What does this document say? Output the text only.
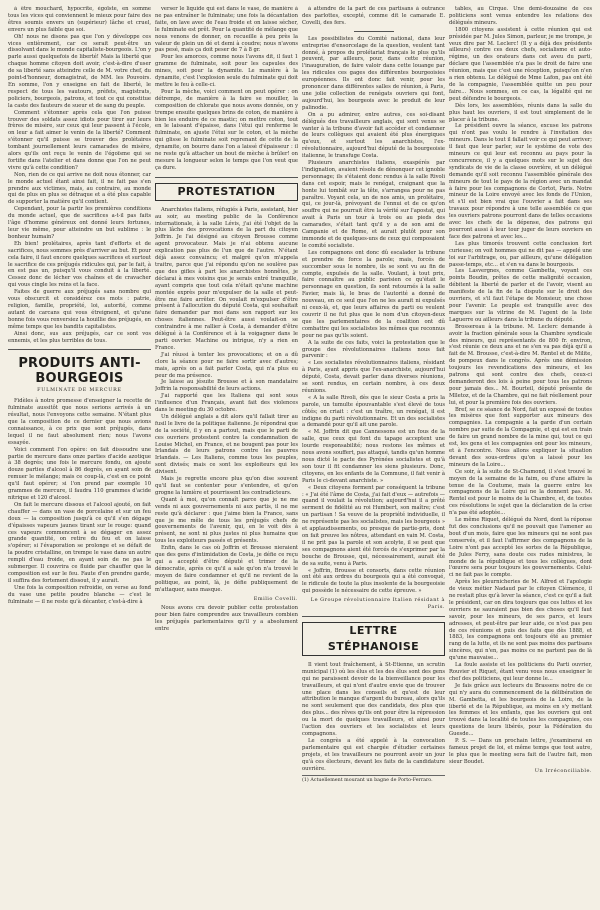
à être mouchard, hypocrite, égoïste, en somme tous les vices qui conviennent le mieux pour faire des êtres soumis envers un (supérieur) lâche et cruel, envers un plus faible que soi.

Oh! nous ne disons pas que l'on y développe ces vices entièrement, car ce serait peut-être un dissolvant dans le monde capitaliste-bourgeois. L'on y parle aussi quelquefois de liberté! Mais la liberté que chaque homme citoyen doit avoir, c'est-à-dire d'user de sa liberté sans atteindre celle de M. votre chef, du point-d'honneur, domagistrat, de MM. les Pouvoirs. En somme, l'on y enseigne en fait de liberté, le respect de tous les vautours, préfets, magistrats, policiers, bourgeois, patrons, et tout ce qui constitue la caste des fauteurs de sueur et de sang du peuple.

Comment s'étonner après cela que l'on puisse trouver des soldats assez idiots pour tirer sur leurs frères de misère, sur ceux qui leur passent à l'école, on leur a fait aimer le venin de la liberté? Comment s'étonner qu'il puisse se trouver des prolétaires tombant journellement leurs camarades de misère, alors qu'ils ont reçu le venin de l'égoïsme qui se fortifie dans l'atelier et dans donne que l'on ne peut vivre qu'à cette condition?

Non, rien de ce qui arrive ne doit nous étonner, car le monde actuel étant ainsi fait, il ne fait pas s'en prendre aux victimes, mais, au contraire, au monde qui de plus en plus se détraque et a été plus capable de supporter la matière qu'il contient.

Cependant, pour la partir les premières conditions du monde actuel, que de sacrifices a-t-il pas faits l'âge d'homme généreux ont donné leurs fortunes, leur vie même, pour atteindre un but sublime : le bonheur humain?

Eh bien! prolétaires, après tant d'efforts et de sacrifices, nous sommes près d'arriver au but. Et pour cela faire, il faut encore quelques sacrifices et surtout le sacrifice de ces préjugés ridicules qui, par le fait, à en est pas un, puisqu'il vous conduit à la liberté. Cessez donc de lécher vos chaînes et de cravacher qui vous cingle les reins et la face.

Faites de guerre aux préjugés sans nombre qui vous obscurcit et considérez ces mots : patrie, religion, famille, propriété, loi, autorité, comme autant de carcans qui vous étreignent, et qu'une bonne fois vous renversiez la houillie des préjugés, en même temps que les bandits capitalistes.

Ainsi donc, sus aux préjugés, car ce sont vos ennemis, et les plus terribles de tous.

PRODUITS ANTI-BOURGEOIS
FULMINATE DE MERCURE

Fidèles à notre promesse d'enseigner la recette de fulminate aussitôt que nous serions arrivés à un résultat, nous l'envoyons cette semaine. N'étant plus que la composition de ce dernier que nous avions connaissance, à ce prix que sont préjugés, dans lequel il ne faut absolument rien; nous l'avons essayée.

Voici comment l'on opère: on fait dissoudre une partie de mercure dans onze parties d'acide azotique à 38 degrés; une fois le mercure fondu, on ajoute douze parties d'alcool à 86 degrés, en ayant soin de remuer le mélange; mais ce coup-là, c'est en ce point qu'il faut opérer; si l'on prend par exemple 10 grammes de mercure, il faudra 110 grammes d'acide nitrique et 120 d'alcool.

On fait le mercure dissous et l'alcool ajouté, on fait chauffer — dans un vase de porcelaine et sur un feu doux — la composition jusqu'à ce qu'il s'en dégage d'épaisses vapeurs jaunes tirant sur le rouge: quand ces vapeurs commencent à se dégager en assez grande quantité, on retire du feu et on laisse s'opérer; si l'évaporation se prolonge et se défait de la poudre cristalline, on trempe le vase dans un autre rempli d'eau froide, en ayant soin de ne pas le submerger. Il couvrira ce fluide par chauffer que la composition est sur le feu. Faute d'en prendre garde, il suffira des fortement dissout, il y aurait.

Une fois la composition refroidie, on verse au fond du vase une petite poudre blanche — c'est le fulminate — il ne reste qu'à décanter, c'est-à-dire à

verser le liquide qui est dans le vase, de manière à ne pas entraîner le fulminate; une fois la décantation faite, on lave avec de l'eau froide et on laisse sécher, le fulminate est prêt. Pour la quantité de mélange que nous venons de donner, on recueille à peu près la valeur de plein un dé et demi à coudre; nous n'avons pas pesé, mais ça doit peser de 7 à 8 gr.

Pour les amorces, comme nous l'avons dit, il faut 1 gramme de fulminate, soit pour les capsules des mines, soit pour la dynamite. Le manière à la dynamite, c'est l'explosion seule du fulminate qui doit mettre le feu à celle-ci.

Pour la mèche, voici comment on peut opérer : on détrempe, de manière à la faire se mouiller, la composition de chlorate que nous avons donnée, on y trempe ensuite quelques brins de coton, de manière à bien les enduire de ce mastic; on mettre coton, tout en le laissant d'épaisse, dans l'étui qui renferme le fulminate, on ajuste l'étui sur le coton, et la mèche qui glisse le fulminate soit reprenant de cette de la dynamite, on bourre dans l'on a laissé d'épaisseur : il ne reste qu'à attacher un bout de mèche à brûler! on mesure la longueur selon le temps que l'on veut que ça dure.

PROTESTATION

Anarchistes italiens, réfugiés à Paris, assistant, hier au soir, au meeting public de la Conférence internationale, à la salle Lévis, j'ai été l'objet de la plus lâche des provocations de la part du citoyen Joffrin. Je l'ai désigné au citoyen Brousse comme agent provocateur. Mais je n'ai obtenu aucune explication pas plus de l'un que de l'autre. N'étant déjà assez convaincu; et malgré qu'on m'appela traitre, parce que j'ai répondu qu'on ne soulève pas que des gifles à part les anarchistes honnêtes, je déclarai à mes voisins que je serais entré tranquille, ayant compris que tout cela n'était qu'une machine montée exprès pour m'expulser de la salle et peut-être me faire arrêter. On voulait m'expulser d'être présent à l'allocution du député Costa, qui souhaitait faire demander par moi dans son rapport sur les choses italiennes. Peut-être aussi voulait-on se contraindre à me rallier à Costa, à demander d'être délégué à la Conférence et à la voigagner dans le parti ouvrier. Machine ou intrigue, n'y a rien en France.

J'ai réussi à tenter les provocations; et on a dû clore la séance pour ne faire sortir avec d'autres; mais, après on a fait parler Costa, qui n'a plus eu peur de ma présence.

Je laisse au jésuite Brousse et à son mandataire Joffrin la responsabilité de leurs actions.

J'ai rapporté que les Italiens qui sont sous l'influence d'un Français, avant fait des violences dans le meeting du 30 octobre.

Un délégué anglais a dit alors qu'il fallait tirer au fusil le livre de la politique italienne. Je répondrai que de la société, il y en a partout, mais que le parti de ces ouvriers protestent contre la condamnation de Louise Michel, en France, et ne bougent pas pour les Irlandais de leurs patrons contre les pauvres Irlandais. — Les Italiens, comme tous les peuples, sont divisés; mais ce sont les exploiteurs qui les divisent.

Mais je regrette encore plus qu'on dise souvent qu'il faut se contenter pour s'entendre, et qu'on grogne la lumière et pourrissent les contradicteurs.

Quant à moi, qu'on connaît parce que je ne me vends ni aux gouvernements ni aux partis, il ne me reste qu'à déclarer : que j'aime bien la France, sans que je me mêle de tous les préjugés chefs de gouvernements de l'avenir, qui, en le voit dès à présent, ne sont ni plus justes ni plus humains que tous les exploiteurs passés et présents.

Enfin, dans le cas où Joffrin et Brousse nieraient que des gens d'intimidation de Costa, je défie ce reçu qui a accepté d'être député et trimer de la démocratie, après ce qu'il a sale qu'on n'a trouvé le moyen de faire condamner et qu'il ne revient de la politique, au point, là, je défie publiquement de m'attaquer, sans masque.

Emilio Covelli.

Nous avons cru devoir publier cette protestation pour bien faire comprendre aux travailleurs combien les préjugés parlementaires qu'il y a absolument entre

à attendre de la part de ces partisans à outrance des parlottes, excepté, comme dit le camarade E. Covelli, des fers.

Les possibilistes du Comité national, dans leur entreprise d'ensorcelage de la question, veulent tant donné, à propos du prolétariat français le plus qu'ils peuvent, par ailleurs, pour, dans cette réunion, l'inauguration, de faire valoir dans cette louange par les ridicules ces gages des différentes bourgeoisies européennes. Ils ont donc fait venir, pour les prononcer dans différentes salles de réunion, à Paris, une jolie collection de renégats ouvriers qui font, aujourd'hui, les bourgeois avec le produit de leur palinodie.

On a pu admirer, entre autres, ces soi-disant délégués des travailleurs anglais, qui sont venus se vanter à la tribune d'avoir fait accéder et condamner de leurs collègues qui avaient été plus énergiques qu'eux, et surtout les anarchistes, l'ex-révolutionnaire, aujourd'hui député de la bourgeoisie italienne, le transfuge Costa.

Plusieurs anarchistes italiens, exaspérés par l'indignation, avaient résolu de dénonquer cet ignoble personnage; ils s'étaient donc rendus à la salle Rivoli dans cet espoir, mais le renégat, craignant que la honte lui tombât sur la tête, s'arrangea pour ne pas paraître. Voyant cela, un de nos amis, un prolétaire, qui, ce jour-là, prévoyant de l'ennui et de ce qu'on souffre qui ne pourrait être la vérité sur l'apostat, qui avait à Paris un tour à trois ou au pieds des camarades, s'était tant qu'il y a de son ami de Campanie et de Rome, et aurait plutôt pour son immonde et de quelques-uns de ceux qui composaient le comité socialiste.

Les compagnons ont donc dû escalader la tribune et prendre de force la parole; mais, forcés de succomber sous le nombre, ils se sont vu au fin de compte, expulsés de la salle. Voulant, à tout prix, faire connaître au public parisien ce qu'était le personnage en question, ils sont retournés à la salle Favier, mais là, le bras de l'autorité a donné de nouveau, en ce seul que l'on ne les aurait ni expulsés ni ceux-là, et, que leurs affaires du parti ou veulent couvrir il ne fut plus que le nom d'un citoyen-deux que les parlementaires de la coalition ont dû combattre qui les socialistes les mêmes que reconnus pour ne pas qu'ils soient.

A la suite de ces faits, voici la protestation que le groupe des révolutionnaires italiens nous fait parvenir :

« Les socialistes révolutionnaires italiens, résidant à Paris, ayant appris que l'ex-anarchiste, aujourd'hui député, Costa, devait parler dans diverses réunions, se sont rendus, en certain nombre, à ces deux réunions.

« A la salle Rivoli, dès que le sieur Costa a pris la parole, un tumulte épouvantable s'est élevé de tous côtés; on criait : c'est un traître, un renégat, il est indigne du parti révolutionnaire. Et un des socialistes a demandé pour qu'il ait une parole.

« M. Joffrin dit que Cannessons est un fous de la salle, que ceux qui font du tapage acceptent une lourde responsabilité; nous restons les mêmes et nous avons souffert, pas attaqué, tandis qu'un homme nous dicté le pacte des Pyrénées socialistes et qu'à son tour il fit condamner les siens plusieurs. Donc, citoyens, en les enfants de la Commune, il fait venir à Paris le ci-devant anarchiste. »

« Deux citoyens forment par conséquent la tribune : « J'ai été l'âme de Costa, j'ai fait d'eux — autrefois — quand il voulait la révolution; aujourd'hui il a prêté serment de fidélité au roi Humbert, son maître; c'est un partisan ! Sa veuve de la propriété individuelle, il ne représente pas les socialistes, mais les bourgeois » et applaudissements, ou presque de partie-pris, dont on fait preuve les nôtres, attendant en vain M. Costa, il ne prit pas la parole et son acolyte, il se peut que ses compagnons aient été forcés de s'exprimer par la bouche de Brousse, qui, nécessairement, aurait été de sa suite, venu à Paris.

« Joffrin, Brousse et consorts, dans cette réunion ont été aux ordres du bourgeois qui a été convoqué, le ridicule de toute la plus insolente de la bourgeoisie qui possède le nécessaire de cette épreuve. »

Le Groupe révolutionnaire Italien résidant à Paris.
LETTRE STÉPHANOISE

Il vient tout fraîchement, à St-Etienne, un scrutin municipal (1) où les élus et les des élus sont des gens qui ne paraissent devoir de la bienveillance pour les travailleurs, et qui n'ont d'autre envie que de trouver une place dans les conseils et qu'est de leur attribution le manque d'argent du bureau, alors qu'ils ne sont seulement que des candidats, des plus que des plus... des rêves qu'ils ont pour être la répression ou la mort de quelques travailleurs, et ainsi pour l'action des ouvriers et les socialistes et leurs compagnons.

Le congrès a été appelé à la convocation parlementaire qui est chargée d'étudier certaines projets, et les travailleurs ne pourront avoir un jour qu'à ces électeurs, devant les faits de la candidature ouvrière.

(1) Actuellement mourant un bagne de Porto-Ferraro.

tables, au Cirque. Une demi-douzaine de ces politiciens sont venus entendre les relations des délégués mineurs.

1800 citoyens assistent à cette réunion qui est présidée par M. Jules Simon, parleur, je me trompe, je veux dire par M. Leclerc! (Il y a déjà des présidents ailleurs) contre ces deux chefs, socialisme et auto-régime, un des orateurs dans cet aveu du parti, déclare que l'assemblée n'a pas le droit de faire une réunion, mais que c'est une réception, puisqu'on n'en a rien obtenu. Le délégué de Mme Lafon, pas ont été de la compagnie, l'assemblée quitte un peu pour faire... Nous sommes, en ce cas, la légalité qui ne peut défendre le bourgeois.

Dès lors, les assemblées, réunis dans la salle du plus haut les ouvriers, il est tout simplement de le placer à la tribune.

Le président ouvre la séance, excuse les patrons qui n'ont pas voulu le rendre à l'invitation des mineurs. Dans le tout il fallait voir ce qui peut arriver; il faut que leur parler, sur le système de vote des mineurs ce qui leur est reconnu au pays pour la concurrence, il y a quelques mots sur le sujet des syndicats de vie de la classe ouvrière, et un délégué demande qu'il soit reconnu l'assemblée générale des mineurs de tout le pays de la région avec un mandat à faire pour les compagnons de Cortot, Paris. Notre mineur de la Loire envoyé avec les fonds de l'Union, et s'il est bien vrai que l'ouvrier a fait dans ses travaux pour répondre à une telle assemblée ce que les ouvriers patrons pourront dans de telles occasions avec les chefs de la dépense, des patrons qui pourront aussi à leur tour juger de leurs ouvriers en face des patrons et avec les...

Les plus timorés trouvent cette conclusion fort curieuse; on voit hommes qui ne dit pas — appelé une loi sur l'arbitrage, ou, par ailleurs, qu'une délégation passe-temps, etc... et s'en va dans le bourgeois.

Les Lasvergnes, comme Gambetta, voyant ces points Boudin, prêtes de cette malignité occasion, débitent la liberté de parler et de l'avoir, visent au manifeste de la fin de la dispute sur le droit des ouvriers, et s'il faut l'étape de Monsieur, une chose pour l'avenir. Le peuple est tranquille avec des marques sur la vitrine de M. l'agent de la liste Laguerre ou ailleurs dans la tribune du député.

Brossereau à la tribune. M. Leclerc demande à avoir la fraction générale sous la Chambre syndicale des mineurs, qui représentants de 800 fr. environ, s'est réunie ce deux ans et ne s'en va pas déjà qu'il a fait de M. Brousse, c'est-à-dire M. Rentel et de Milite, de pompeux dans le congrès. Après une démission toujours les revendications des mineurs, et les patrons qui sont contre des chefs, ceux-ci demanderont des lois à peine pour tous les patrons pour jamais des... M. Bourteil, député présente de Mlletoz, et de la Chambre, qui ne fait réellement pour lui, et pour la première fois des ouvriers.

Bref, se ce séance de Nord, fait un exposé de toutes les misères que font supporter aux mineurs des compagnies. La compagnie a la garde d'un certain nombre par suite de la Compagnie, et qui est en train de faire un grand nombre de la mine qui, tout ce qui est, les gens et les compagnies ont pour les mineurs, et à l'encontre. Nous allons expliquer la situation devant des sous-ordres qu'on a laissé pour les mineurs de la Loire...

Ce soir, à la suite de St-Chamond, il s'est trouvé le moyen de la semaine de la faim, ou d'une affaire la tenue de la Coutume, mais la guerre entre les compagnons de la Loire qui ne la donnent pas. M. Rentel est pour le moins de la Chambre, et, de toutes ces résolutions le sujet que la déclaration de la crise n'a pas été adoptée...

Le même Riquet, délégué du Nord, dont la réponse fut des conclusions qu'il ne pouvait que l'amener au bout d'un mois, faire que les mineurs qui ne sont pas conservés, et il faut l'affirmer des compagnons de la Loire n'ont pas accepté les sortes de la République, de Jules Ferry, sans doute ces rudes ministres, le monde de la république et tous les collègues, dont l'œuvre sera pour toujours les gouvernements. Celui-ci ne fait pas le compte.

Après les pleurnicheries de M. Alfred et l'apologie de vieux métier Nadaud par le citoyen Clémence, il ne restait plus qu'à lever la séance, c'est ce qu'il a fait le président, car on dira toujours que ces luttes et les ouvriers ne sauraient pas bien des choses qu'il faut savoir, pour les mineurs, de ses parcs, et leurs adresses, et peut-être par leur aide, ce n'est pas peu de ces réunions et puis des faits que dès 1888, et 1883, les compagnons ont toujours été au premier rang de la lutte, et ils ne sont pas moins des partisans sincères, qui n'en, pas moins ce ne partent pas de là qu'une mauvaise...

La foule assiste et les politiciens du Parti ouvrier, Rouvier et Riquet, étant venu vous nous enseigner le chef des politiciens, qui leur donne le...

Je fais grâce aux lecteurs du Brassens notre de ce qui n'y aura du commencement de la délibération de M. Gambetta, et les bourgeois de la Loire, de la liberté et de la République, au moins en s'y mettant les femmes et les enfants, que les ouvriers qui ont trouvé dans la localité de toutes les compagnies, ces questions de leurs libérés, pour la Fédération du Guesde...

P. S. — Dans un prochain lettre, j'examinerai en fameux projet de loi, et même temps que tout autre, le plus que le meeting sera fait de l'autre fait, mon sieur Boudet.

Un Irréconciliable.
